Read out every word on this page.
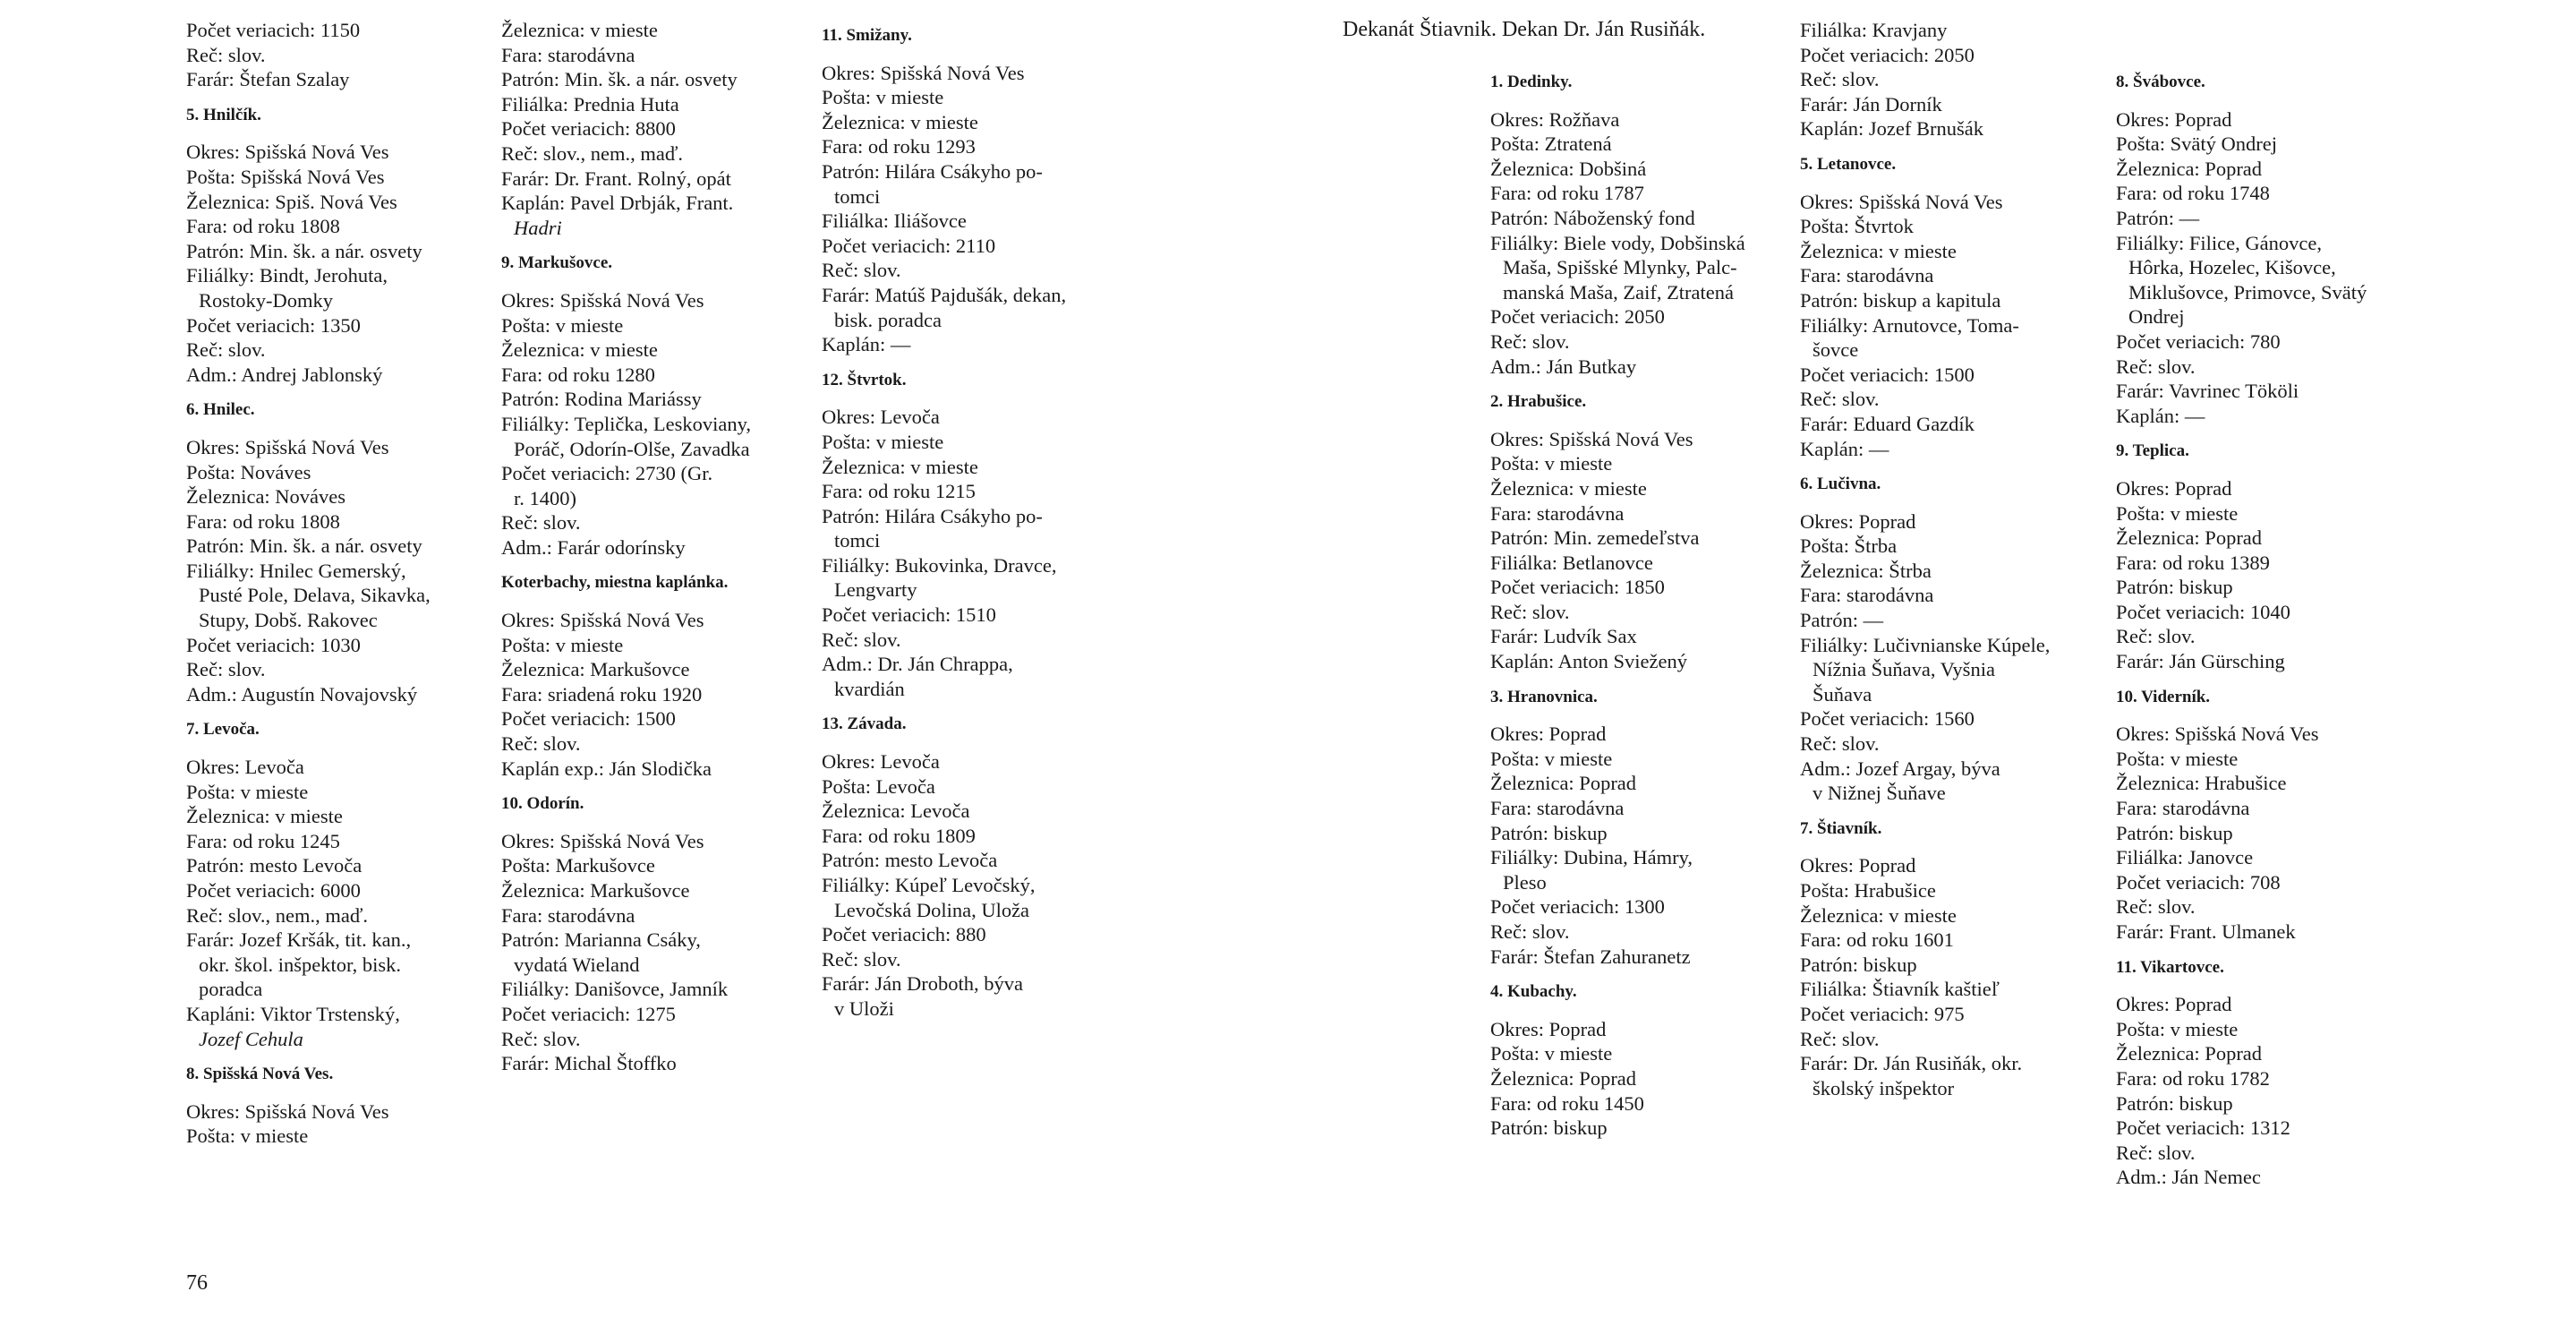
Počet veriacich: 1150
Reč: slov.
Farár: Štefan Szalay
5. Hnilčík.
Okres: Spišská Nová Ves
Pošta: Spišská Nová Ves
Železnica: Spiš. Nová Ves
Fara: od roku 1808
Patrón: Min. šk. a nár. osvety
Filiálky: Bindt, Jerohuta,
Rostoky-Domky
Počet veriacich: 1350
Reč: slov.
Adm.: Andrej Jablonský
6. Hnilec.
Okres: Spišská Nová Ves
Pošta: Nováves
Železnica: Nováves
Fara: od roku 1808
Patrón: Min. šk. a nár. osvety
Filiálky: Hnilec Gemerský,
Pusté Pole, Delava, Sikavka,
Stupy, Dobš. Rakovec
Počet veriacich: 1030
Reč: slov.
Adm.: Augustín Novajovský
7. Levoča.
Okres: Levoča
Pošta: v mieste
Železnica: v mieste
Fara: od roku 1245
Patrón: mesto Levoča
Počet veriacich: 6000
Reč: slov., nem., maď.
Farár: Jozef Kršák, tit. kan.,
okr. škol. inšpektor, bisk.
poradca
Kapláni: Viktor Trstenský,
Jozef Cehula
8. Spišská Nová Ves.
Okres: Spišská Nová Ves
Pošta: v mieste
Železnica: v mieste
Fara: starodávna
Patrón: Min. šk. a nár. osvety
Filiálka: Prednia Huta
Počet veriacich: 8800
Reč: slov., nem., maď.
Farár: Dr. Frant. Rolný, opát
Kaplán: Pavel Drbják, Frant.
Hadri
9. Markušovce.
Okres: Spišská Nová Ves
Pošta: v mieste
Železnica: v mieste
Fara: od roku 1280
Patrón: Rodina Mariássy
Filiálky: Teplička, Leskoviany,
Poráč, Odorín-Olše, Zavadka
Počet veriacich: 2730 (Gr.
r. 1400)
Reč: slov.
Adm.: Farár odorínsky
Koterbachy, miestna kaplánka.
Okres: Spišská Nová Ves
Pošta: v mieste
Železnica: Markušovce
Fara: sriadená roku 1920
Počet veriacich: 1500
Reč: slov.
Kaplán exp.: Ján Slodička
10. Odorín.
Okres: Spišská Nová Ves
Pošta: Markušovce
Železnica: Markušovce
Fara: starodávna
Patrón: Marianna Csáky,
vydatá Wieland
Filiálky: Danišovce, Jamník
Počet veriacich: 1275
Reč: slov.
Farár: Michal Štoffko
11. Smižany.
Okres: Spišská Nová Ves
Pošta: v mieste
Železnica: v mieste
Fara: od roku 1293
Patrón: Hilára Csákyho po-
tomci
Filiálka: Iliášovce
Počet veriacich: 2110
Reč: slov.
Farár: Matúš Pajdušák, dekan,
bisk. poradca
Kaplán: —
12. Štvrtok.
Okres: Levoča
Pošta: v mieste
Železnica: v mieste
Fara: od roku 1215
Patrón: Hilára Csákyho po-
tomci
Filiálky: Bukovinka, Dravce,
Lengvarty
Počet veriacich: 1510
Reč: slov.
Adm.: Dr. Ján Chrappa,
kvardián
13. Závada.
Okres: Levoča
Pošta: Levoča
Železnica: Levoča
Fara: od roku 1809
Patrón: mesto Levoča
Filiálky: Kúpeľ Levočský,
Levočská Dolina, Uloža
Počet veriacich: 880
Reč: slov.
Farár: Ján Droboth, býva
v Uloži
76
1. Dedinky.
Okres: Rožňava
Pošta: Ztratená
Železnica: Dobšiná
Fara: od roku 1787
Patrón: Náboženský fond
Filiálky: Biele vody, Dobšinská
Maša, Spišské Mlynky, Palc-
manská Maša, Zaif, Ztratená
Počet veriacich: 2050
Reč: slov.
Adm.: Ján Butkay
2. Hrabušice.
Okres: Spišská Nová Ves
Pošta: v mieste
Železnica: v mieste
Fara: starodávna
Patrón: Min. zemedeľstva
Filiálka: Betlanovce
Počet veriacich: 1850
Reč: slov.
Farár: Ludvík Sax
Kaplán: Anton Sviežený
3. Hranovnica.
Okres: Poprad
Pošta: v mieste
Železnica: Poprad
Fara: starodávna
Patrón: biskup
Filiálky: Dubina, Hámry,
Pleso
Počet veriacich: 1300
Reč: slov.
Farár: Štefan Zahuranetz
4. Kubachy.
Okres: Poprad
Pošta: v mieste
Železnica: Poprad
Fara: od roku 1450
Patrón: biskup
Filiálka: Kravjany
Počet veriacich: 2050
Reč: slov.
Farár: Ján Dorník
Kaplán: Jozef Brnušák
5. Letanovce.
Okres: Spišská Nová Ves
Pošta: Štvrtok
Železnica: v mieste
Fara: starodávna
Patrón: biskup a kapitula
Filiálky: Arnutovce, Toma-
šovce
Počet veriacich: 1500
Reč: slov.
Farár: Eduard Gazdík
Kaplán: —
6. Lučivna.
Okres: Poprad
Pošta: Štrba
Železnica: Štrba
Fara: starodávna
Patrón: —
Filiálky: Lučivnianske Kúpele,
Nížnia Šuňava, Vyšnia
Šuňava
Počet veriacich: 1560
Reč: slov.
Adm.: Jozef Argay, býva
v Nižnej Šuňave
7. Štiavník.
Okres: Poprad
Pošta: Hrabušice
Železnica: v mieste
Fara: od roku 1601
Patrón: biskup
Filiálka: Štiavník kaštieľ
Počet veriacich: 975
Reč: slov.
Farár: Dr. Ján Rusiňák, okr.
školský inšpektor
8. Švábovce.
Okres: Poprad
Pošta: Svätý Ondrej
Železnica: Poprad
Fara: od roku 1748
Patrón: —
Filiálky: Filice, Gánovce,
Hôrka, Hozelec, Kišovce,
Miklušovce, Primovce, Svätý
Ondrej
Počet veriacich: 780
Reč: slov.
Farár: Vavrinec Tököli
Kaplán: —
9. Teplica.
Okres: Poprad
Pošta: v mieste
Železnica: Poprad
Fara: od roku 1389
Patrón: biskup
Počet veriacich: 1040
Reč: slov.
Farár: Ján Gürsching
10. Viderník.
Okres: Spišská Nová Ves
Pošta: v mieste
Železnica: Hrabušice
Fara: starodávna
Patrón: biskup
Filiálka: Janovce
Počet veriacich: 708
Reč: slov.
Farár: Frant. Ulmanek
11. Vikartovce.
Okres: Poprad
Pošta: v mieste
Železnica: Poprad
Fara: od roku 1782
Patrón: biskup
Počet veriacich: 1312
Reč: slov.
Adm.: Ján Nemec
Dekanát Štiavnik. Dekan Dr. Ján Rusiňák.
